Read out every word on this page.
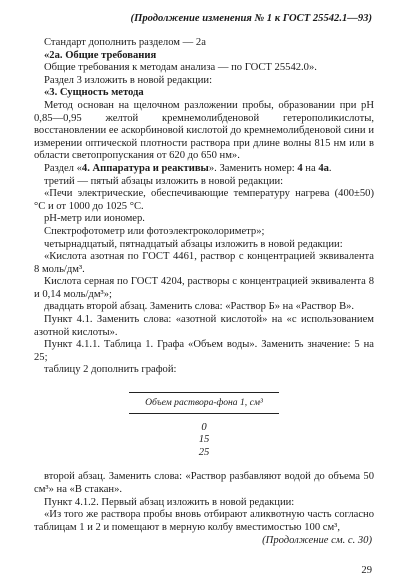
(Продолжение изменения № 1 к ГОСТ 25542.1—93)

Стандарт дополнить разделом — 2а

«2а. Общие требования

Общие требования к методам анализа — по ГОСТ 25542.0».

Раздел 3 изложить в новой редакции:

«3. Сущность метода

Метод основан на щелочном разложении пробы, образовании при pH 0,85—0,95 желтой кремнемолибденовой гетерополикислоты, восстановлении ее аскорбиновой кислотой до кремнемолибденовой сини и измерении оптической плотности раствора при длине волны 815 нм или в области светопропускания от 620 до 650 нм».

Раздел «4. Аппаратура и реактивы». Заменить номер: 4 на 4а.

третий — пятый абзацы изложить в новой редакции:

«Печи электрические, обеспечивающие температуру нагрева (400±50) °С и от 1000 до 1025 °С.

pH-метр или иономер.

Спектрофотометр или фотоэлектроколориметр»;

четырнадцатый, пятнадцатый абзацы изложить в новой редакции:

«Кислота азотная по ГОСТ 4461, раствор с концентрацией эквивалента 8 моль/дм³.

Кислота серная по ГОСТ 4204, растворы с концентрацией эквивалента 8 и 0,14 моль/дм³»;

двадцать второй абзац. Заменить слова: «Раствор Б» на «Раствор В».

Пункт 4.1. Заменить слова: «азотной кислотой» на «с использованием азотной кислоты».

Пункт 4.1.1. Таблица 1. Графа «Объем воды». Заменить значение: 5 на 25;

таблицу 2 дополнить графой:

Объем раствора-фона 1, см³
0
15
25

второй абзац. Заменить слова: «Раствор разбавляют водой до объема 50 см³» на «В стакан».

Пункт 4.1.2. Первый абзац изложить в новой редакции:

«Из того же раствора пробы вновь отбирают аликвотную часть согласно таблицам 1 и 2 и помещают в мерную колбу вместимостью 100 см³,

(Продолжение см. с. 30)
29
